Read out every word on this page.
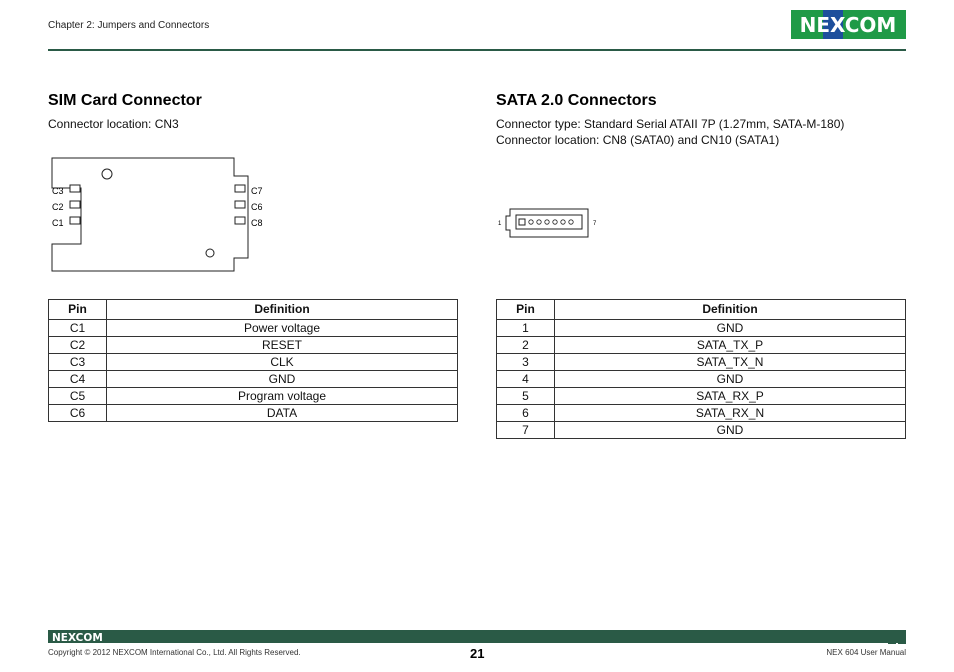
Chapter 2: Jumpers and Connectors	NEXCOM
SIM Card Connector
Connector location: CN3
SATA 2.0 Connectors
Connector type: Standard Serial ATAII 7P (1.27mm, SATA-M-180)
Connector location: CN8 (SATA0) and CN10 (SATA1)
C3
C2
C1
C7
C6
C8	1	7
Pin	Definition
C1	Power voltage
C2	RESET
C3	CLK
C4	GND
C5	Program voltage
C6	DATA
Pin	Definition
1	GND
2	SATA_TX_P
3	SATA_TX_N
4	GND
5	SATA_RX_P
6	SATA_RX_N
7	GND
NEXCOM
Copyright © 2012 NEXCOM International Co., Ltd. All Rights Reserved.	21	NEX 604 User Manual
